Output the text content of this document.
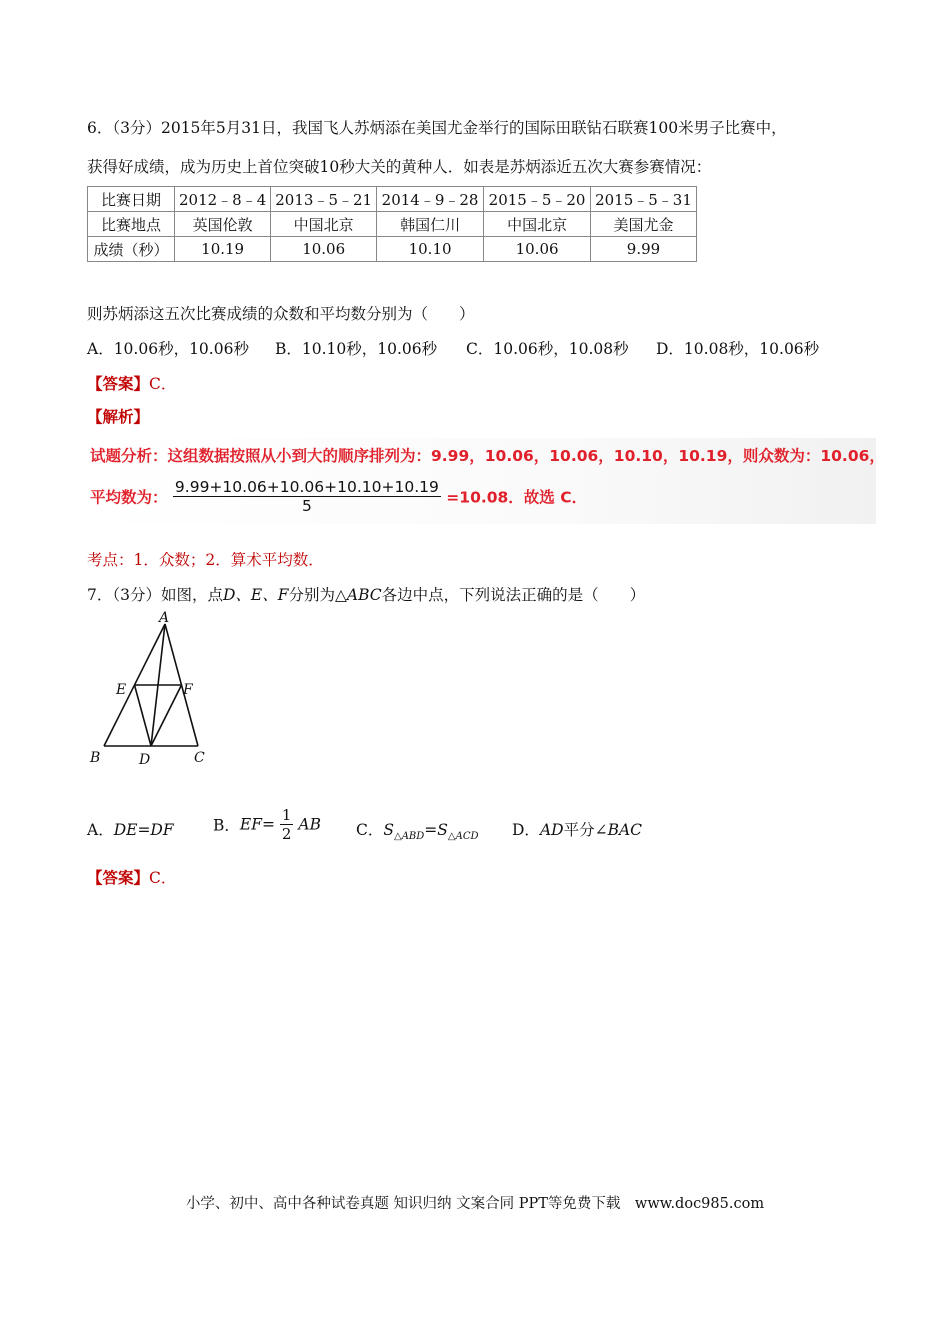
6．（3分）2015年5月31日，我国飞人苏炳添在美国尤金举行的国际田联钻石联赛100米男子比赛中，
获得好成绩，成为历史上首位突破10秒大关的黄种人．如表是苏炳添近五次大赛参赛情况：
比赛日期	2012﹣8﹣4	2013﹣5﹣21	2014﹣9﹣28	2015﹣5﹣20	2015﹣5﹣31
比赛地点	英国伦敦	中国北京	韩国仁川	中国北京	美国尤金
成绩（秒）	10.19	10.06	10.10	10.06	9.99
则苏炳添这五次比赛成绩的众数和平均数分别为（　　）
A．10.06秒，10.06秒 B．10.10秒，10.06秒 C．10.06秒，10.08秒 D．10.08秒，10.06秒
【答案】C．
【解析】
试题分析：这组数据按照从小到大的顺序排列为：9.99，10.06，10.06，10.10，10.19，则众数为：10.06，
平均数为： $\frac{9.99+10.06+10.06+10.10+10.19}{5} =10.08$．故选 C．
考点：1．众数；2．算术平均数．
7．（3分）如图，点D、E、F分别为△ABC各边中点，下列说法正确的是（　　）
A
B	C
D
E	F
A．DE=DF	B．$EF= \frac{1}{2}$ AB C．$S_{\triangle ABD}=S_{\triangle ACD}$ D．AD平分∠BAC
【答案】C．
小学、初中、高中各种试卷真题 知识归纳 文案合同 PPT等免费下载　www.doc985.com
